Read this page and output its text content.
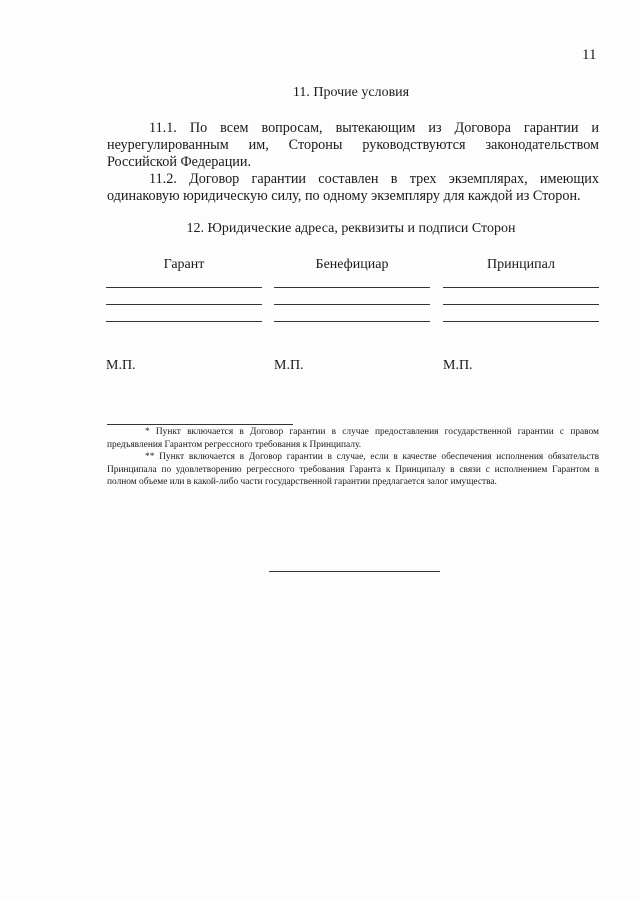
11
11. Прочие условия

11.1. По всем вопросам, вытекающим из Договора гарантии и неурегулированным им, Стороны руководствуются законодательством Российской Федерации.

11.2. Договор гарантии составлен в трех экземплярах, имеющих одинаковую юридическую силу, по одному экземпляру для каждой из Сторон.

12. Юридические адреса, реквизиты и подписи Сторон
Гарант	Бенефициар	Принципал
М.П.	М.П.	М.П.

* Пункт включается в Договор гарантии в случае предоставления государственной гарантии с правом предъявления Гарантом регрессного требования к Принципалу.

** Пункт включается в Договор гарантии в случае, если в качестве обеспечения исполнения обязательств Принципала по удовлетворению регрессного требования Гаранта к Принципалу в связи с исполнением Гарантом в полном объеме или в какой-либо части государственной гарантии предлагается залог имущества.
